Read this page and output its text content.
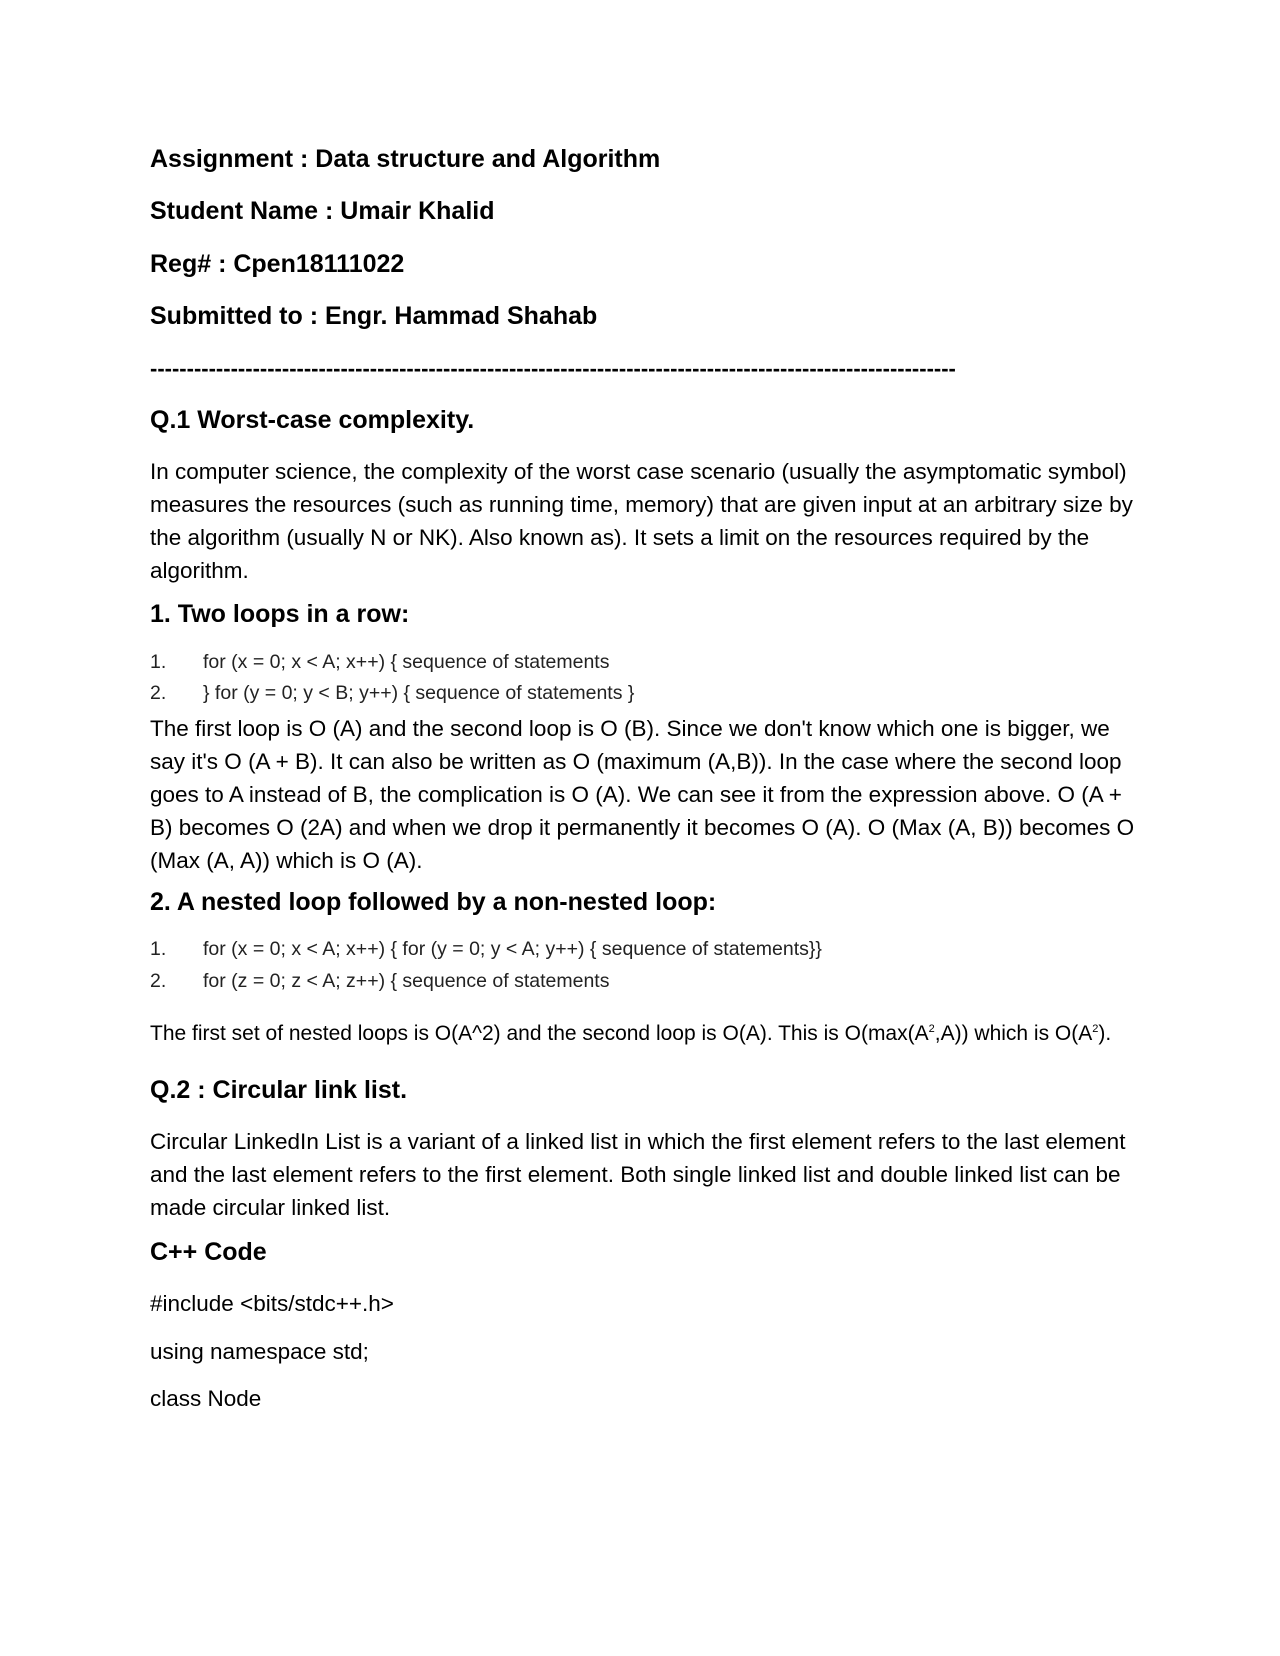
Assignment : Data structure and Algorithm
Student Name : Umair Khalid
Reg# : Cpen18111022
Submitted to : Engr. Hammad Shahab
--------------------------------------------------------------------------------------------------------------
Q.1 Worst-case complexity.
In computer science, the complexity of the worst case scenario (usually the asymptomatic symbol) measures the resources (such as running time, memory) that are given input at an arbitrary size by the algorithm (usually N or NK). Also known as). It sets a limit on the resources required by the algorithm.
1. Two loops in a row:
1. for (x = 0; x < A; x++) { sequence of statements
2. } for (y = 0; y < B; y++) { sequence of statements }
The first loop is O (A) and the second loop is O (B). Since we don't know which one is bigger, we say it's O (A + B). It can also be written as O (maximum (A,B)). In the case where the second loop goes to A instead of B, the complication is O (A). We can see it from the expression above. O (A + B) becomes O (2A) and when we drop it permanently it becomes O (A). O (Max (A, B)) becomes O (Max (A, A)) which is O (A).
2. A nested loop followed by a non-nested loop:
1. for (x = 0; x < A; x++) { for (y = 0; y < A; y++) { sequence of statements}}
2. for (z = 0; z < A; z++) { sequence of statements
The first set of nested loops is O(A^2) and the second loop is O(A). This is $O(\max(A^2,A))$ which is $O(A^2)$.
Q.2 : Circular link list.
Circular LinkedIn List is a variant of a linked list in which the first element refers to the last element and the last element refers to the first element. Both single linked list and double linked list can be made circular linked list.
C++ Code
#include <bits/stdc++.h>
using namespace std;
class Node
